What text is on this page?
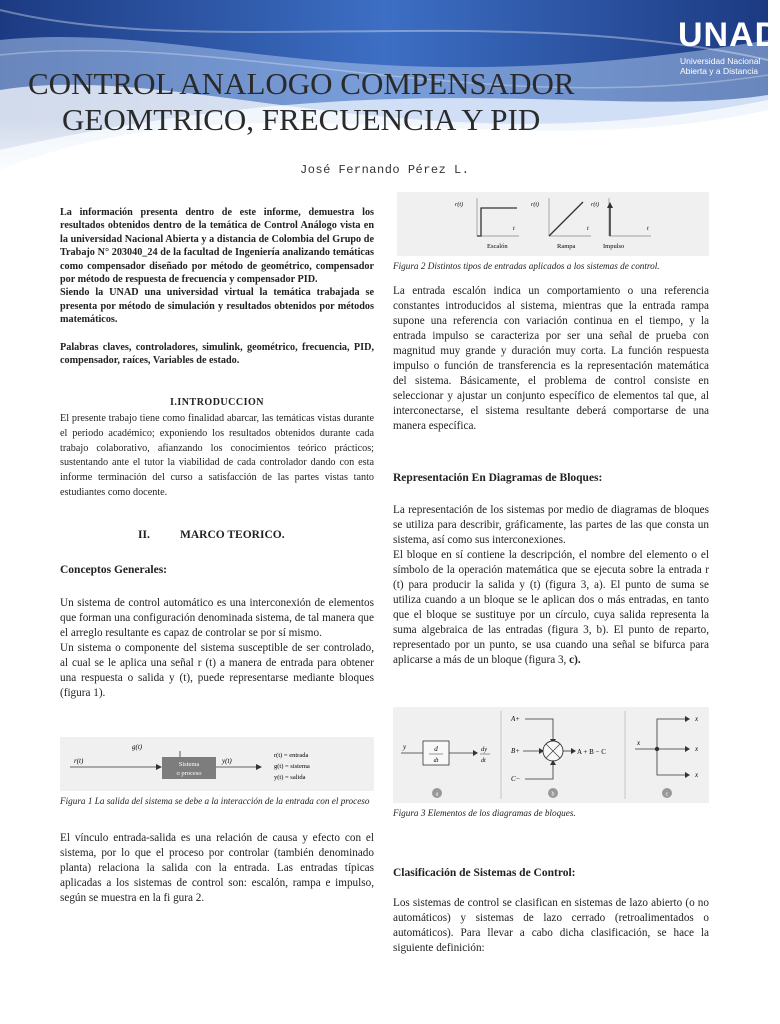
UNAD
Universidad Nacional
Abierta y a Distancia
CONTROL ANALOGO COMPENSADOR
GEOMTRICO, FRECUENCIA Y PID
José Fernando Pérez L.

La información presenta dentro de este informe, demuestra los resultados obtenidos dentro de la temática de Control Análogo vista en la universidad Nacional Abierta y a distancia de Colombia del Grupo de Trabajo N° 203040_24 de la facultad de Ingeniería analizando temáticas como compensador diseñado por método de geométrico, compensador por método de respuesta de frecuencia y compensador PID.

Siendo la UNAD una universidad virtual la temática trabajada se presenta por método de simulación y resultados obtenidos por métodos matemáticos.

Palabras claves, controladores, simulink, geométrico, frecuencia, PID, compensador, raíces, Variables de estado.

I.INTRODUCCION
El presente trabajo tiene como finalidad abarcar, las temáticas vistas durante el periodo académico; exponiendo los resultados obtenidos durante cada trabajo colaborativo, afianzando los conocimientos teórico prácticos; sustentando ante el tutor la viabilidad de cada controlador dando con esta informe terminación del curso a satisfacción de las partes vistas tanto estudiantes como docente.
II.	MARCO TEORICO.
Conceptos Generales:

Un sistema de control automático es una interconexión de elementos que forman una configuración denominada sistema, de tal manera que el arreglo resultante es capaz de controlar se por sí mismo.

Un sistema o componente del sistema susceptible de ser controlado, al cual se le aplica una señal r (t) a manera de entrada para obtener una respuesta o salida y (t), puede representarse mediante bloques (figura 1).

g(t)
r(t)	Sistema
o proceso
y(t)
r(t) = entrada
g(t) = sistema
y(t) = salida
Figura 1 La salida del sistema se debe a la interacción de la entrada con el proceso
El vínculo entrada-salida es una relación de causa y efecto con el sistema, por lo que el proceso por controlar (también denominado planta) relaciona la salida con la entrada. Las entradas típicas aplicadas a los sistemas de control son: escalón, rampa e impulso, según se muestra en la fi gura 2.
r(t)
t
Escalón
r(t)
t
Rampa
r(t)
t
Impulso
Figura 2 Distintos tipos de entradas aplicados a los sistemas de control.
La entrada escalón indica un comportamiento o una referencia constantes introducidos al sistema, mientras que la entrada rampa supone una referencia con variación continua en el tiempo, y la entrada impulso se caracteriza por ser una señal de prueba con magnitud muy grande y duración muy corta. La función respuesta impulso o función de transferencia es la representación matemática del sistema. Básicamente, el problema de control consiste en seleccionar y ajustar un conjunto específico de elementos tal que, al interconectarse, el sistema resultante deberá comportarse de una manera específica.
Representación En Diagramas de Bloques:

La representación de los sistemas por medio de diagramas de bloques se utiliza para describir, gráficamente, las partes de las que consta un sistema, así como sus interconexiones.

El bloque en sí contiene la descripción, el nombre del elemento o el símbolo de la operación matemática que se ejecuta sobre la entrada r (t) para producir la salida y (t) (figura 3, a). El punto de suma se utiliza cuando a un bloque se le aplican dos o más entradas, en tanto que el bloque se sustituye por un círculo, cuya salida representa la suma algebraica de las entradas (figura 3, b). El punto de reparto, representado por un punto, se usa cuando una señal se bifurca para aplicarse a más de un bloque (figura 3, c).

y	d
dt
dy
dt
a
A+
B+	A + B − C
C−
b
x
x
x
x
c
Figura 3 Elementos de los diagramas de bloques.
Clasificación de Sistemas de Control:
Los sistemas de control se clasifican en sistemas de lazo abierto (o no automáticos) y sistemas de lazo cerrado (retroalimentados o automáticos). Para llevar a cabo dicha clasificación, se hace la siguiente definición:
